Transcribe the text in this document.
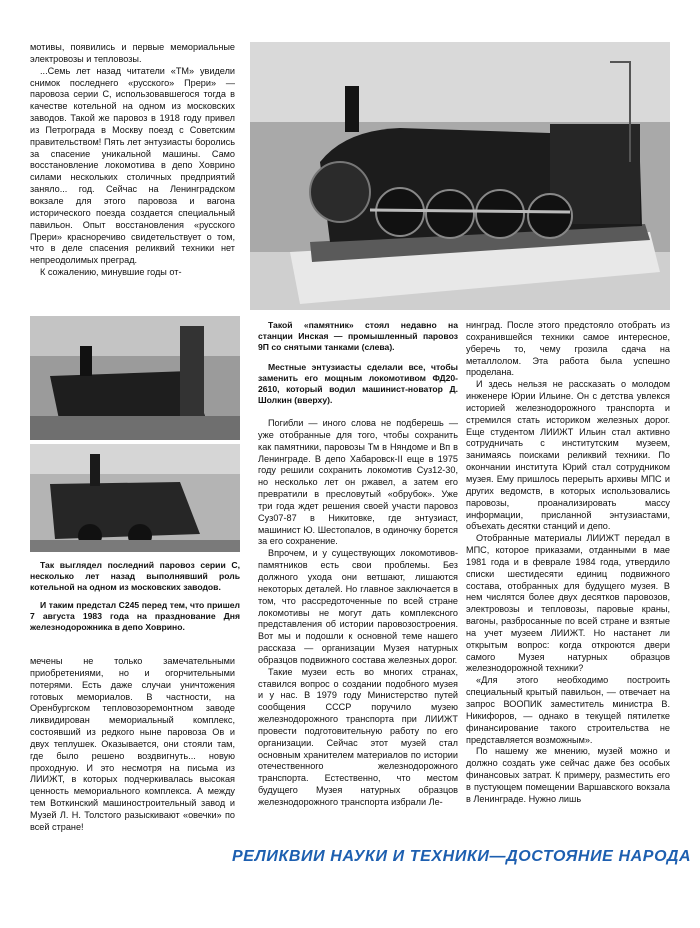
мотивы, появились и первые мемориальные электровозы и тепловозы.

...Семь лет назад читатели «ТМ» увидели снимок последнего «русского» Прери» — паровоза серии С, использовавшегося тогда в качестве котельной на одном из московских заводов. Такой же паровоз в 1918 году привел из Петрограда в Москву поезд с Советским правительством! Пять лет энтузиасты боролись за спасение уникальной машины. Само восстановление локомотива в депо Ховрино силами нескольких столичных предприятий заняло... год. Сейчас на Ленинградском вокзале для этого паровоза и вагона исторического поезда создается специальный павильон. Опыт восстановления «русского Прери» красноречиво свидетельствует о том, что в деле спасения реликвий техники нет непреодолимых преград.

К сожалению, минувшие годы от-

Так выглядел последний паровоз серии С, несколько лет назад выполнявший роль котельной на одном из московских заводов.

И таким предстал С245 перед тем, что пришел 7 августа 1983 года на празднование Дня железнодорожника в депо Ховрино.

мечены не только замечательными приобретениями, но и огорчительными потерями. Есть даже случаи уничтожения готовых мемориалов. В частности, на Оренбургском тепловозоремонтном заводе ликвидирован мемориальный комплекс, состоявший из редкого ныне паровоза Ов и двух теплушек. Оказывается, они стояли там, где было решено воздвигнуть... новую проходную. И это несмотря на письма из ЛИИЖТ, в которых подчеркивалась высокая ценность мемориального комплекса. А между тем Воткинский машиностроительный завод и Музей Л. Н. Толстого разыскивают «овечки» по всей стране!

Такой «памятник» стоял недавно на станции Инская — промышленный паровоз 9П со снятыми танками (слева).

Местные энтузиасты сделали все, чтобы заменить его мощным локомотивом ФД20-2610, который водил машинист-новатор Д. Шолкин (вверху).

Погибли — иного слова не подберешь — уже отобранные для того, чтобы сохранить как памятники, паровозы Тм в Няндоме и Вп в Ленинграде. В депо Хабаровск-II еще в 1975 году решили сохранить локомотив Суз12-30, но несколько лет он ржавел, а затем его превратили в пресловутый «обрубок». Уже три года ждет решения своей участи паровоз Суз07-87 в Никитовке, где энтузиаст, машинист Ю. Шестопалов, в одиночку борется за его сохранение.

Впрочем, и у существующих локомотивов-памятников есть свои проблемы. Без должного ухода они ветшают, лишаются некоторых деталей. Но главное заключается в том, что рассредоточенные по всей стране локомотивы не могут дать комплексного представления об истории паровозостроения. Вот мы и подошли к основной теме нашего рассказа — организации Музея натурных образцов подвижного состава железных дорог.

Такие музеи есть во многих странах, ставился вопрос о создании подобного музея и у нас. В 1979 году Министерство путей сообщения СССР поручило музею железнодорожного транспорта при ЛИИЖТ провести подготовительную работу по его организации. Сейчас этот музей стал основным хранителем материалов по истории отечественного железнодорожного транспорта. Естественно, что местом будущего Музея натурных образцов железнодорожного транспорта избрали Ле-

нинград. После этого предстояло отобрать из сохранившейся техники самое интересное, уберечь то, чему грозила сдача на металлолом. Эта работа была успешно проделана.

И здесь нельзя не рассказать о молодом инженере Юрии Ильине. Он с детства увлекся историей железнодорожного транспорта и стремился стать историком железных дорог. Еще студентом ЛИИЖТ Ильин стал активно сотрудничать с институтским музеем, занимаясь поисками реликвий техники. По окончании института Юрий стал сотрудником музея. Ему пришлось перерыть архивы МПС и других ведомств, в которых использовались паровозы, проанализировать массу информации, присланной энтузиастами, объехать десятки станций и депо.

Отобранные материалы ЛИИЖТ передал в МПС, которое приказами, отданными в мае 1981 года и в феврале 1984 года, утвердило списки шестидесяти единиц подвижного состава, отобранных для будущего музея. В нем числятся более двух десятков паровозов, электровозы и тепловозы, паровые краны, вагоны, разбросанные по всей стране и взятые на учет музеем ЛИИЖТ. Но настанет ли открытым вопрос: когда откроются двери самого Музея натурных образцов железнодорожной техники?

«Для этого необходимо построить специальный крытый павильон, — отвечает на запрос ВООПИК заместитель министра В. Никифоров, — однако в текущей пятилетке финансирование такого строительства не представляется возможным».

По нашему же мнению, музей можно и должно создать уже сейчас даже без особых финансовых затрат. К примеру, разместить его в пустующем помещении Варшавского вокзала в Ленинграде. Нужно лишь

РЕЛИКВИИ НАУКИ И ТЕХНИКИ—ДОСТОЯНИЕ НАРОДА
